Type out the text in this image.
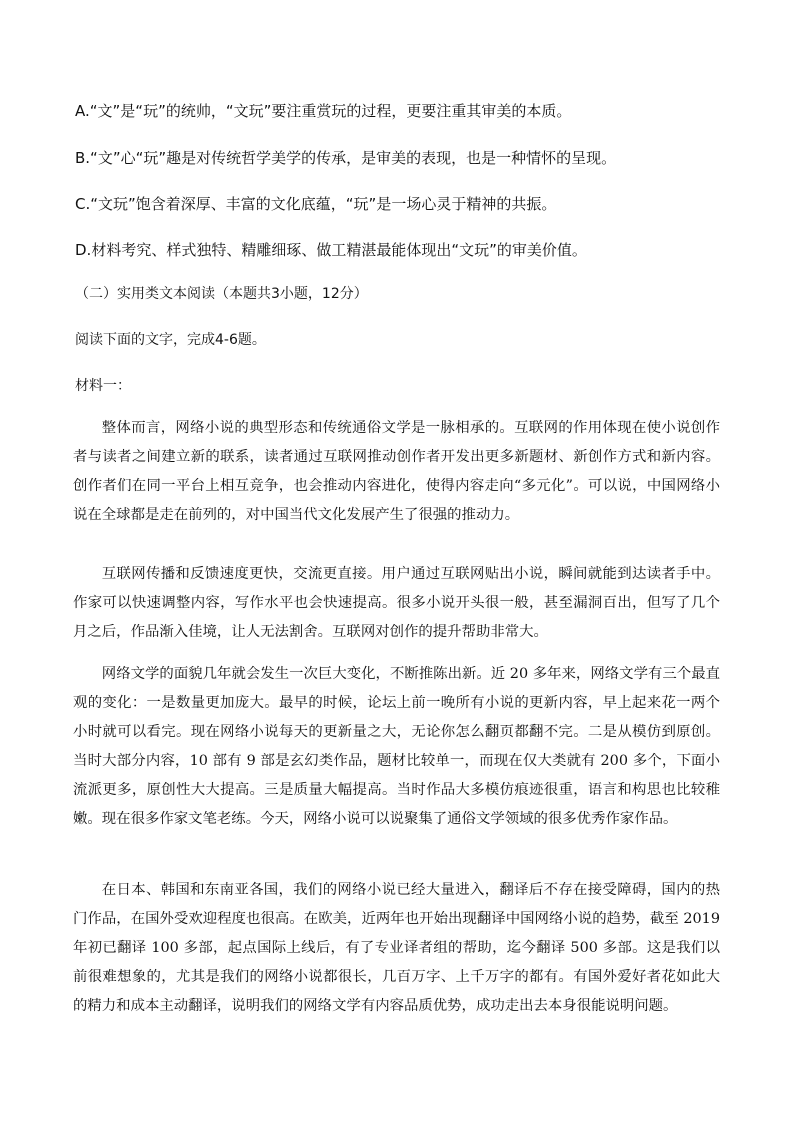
A.“文”是“玩”的统帅，“文玩”要注重赏玩的过程，更要注重其审美的本质。
B.“文”心“玩”趣是对传统哲学美学的传承，是审美的表现，也是一种情怀的呈现。
C.“文玩”饱含着深厚、丰富的文化底蕴，“玩”是一场心灵于精神的共振。
D.材料考究、样式独特、精雕细琢、做工精湛最能体现出“文玩”的审美价值。
（二）实用类文本阅读（本题共3小题，12分）
阅读下面的文字，完成4-6题。
材料一：
整体而言，网络小说的典型形态和传统通俗文学是一脉相承的。互联网的作用体现在使小说创作者与读者之间建立新的联系，读者通过互联网推动创作者开发出更多新题材、新创作方式和新内容。创作者们在同一平台上相互竞争，也会推动内容进化，使得内容走向“多元化”。可以说，中国网络小说在全球都是走在前列的，对中国当代文化发展产生了很强的推动力。
互联网传播和反馈速度更快，交流更直接。用户通过互联网贴出小说，瞬间就能到达读者手中。作家可以快速调整内容，写作水平也会快速提高。很多小说开头很一般，甚至漏洞百出，但写了几个月之后，作品渐入佳境，让人无法割舍。互联网对创作的提升帮助非常大。
网络文学的面貌几年就会发生一次巨大变化，不断推陈出新。近 20 多年来，网络文学有三个最直观的变化：一是数量更加庞大。最早的时候，论坛上前一晚所有小说的更新内容，早上起来花一两个小时就可以看完。现在网络小说每天的更新量之大，无论你怎么翻页都翻不完。二是从模仿到原创。当时大部分内容，10 部有 9 部是玄幻类作品，题材比较单一，而现在仅大类就有 200 多个，下面小流派更多，原创性大大提高。三是质量大幅提高。当时作品大多模仿痕迹很重，语言和构思也比较稚嫩。现在很多作家文笔老练。今天，网络小说可以说聚集了通俗文学领域的很多优秀作家作品。
在日本、韩国和东南亚各国，我们的网络小说已经大量进入，翻译后不存在接受障碍，国内的热门作品，在国外受欢迎程度也很高。在欧美，近两年也开始出现翻译中国网络小说的趋势，截至 2019 年初已翻译 100 多部，起点国际上线后，有了专业译者组的帮助，迄今翻译 500 多部。这是我们以前很难想象的，尤其是我们的网络小说都很长，几百万字、上千万字的都有。有国外爱好者花如此大的精力和成本主动翻译，说明我们的网络文学有内容品质优势，成功走出去本身很能说明问题。
